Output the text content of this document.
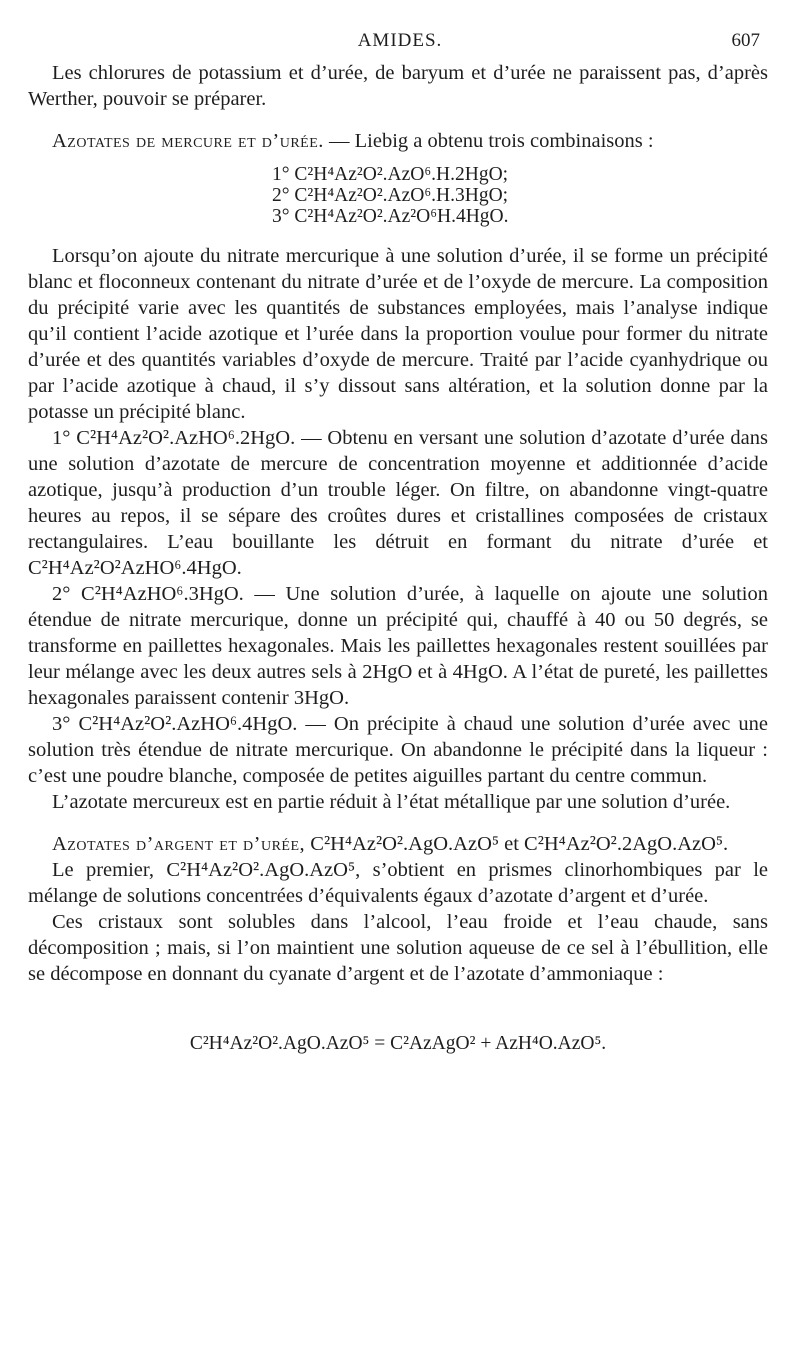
AMIDES.	607

Les chlorures de potassium et d’urée, de baryum et d’urée ne paraissent pas, d’après Werther, pouvoir se préparer.

Azotates de mercure et d’urée. — Liebig a obtenu trois combinaisons :

1° C²H⁴Az²O².AzO⁶.H.2HgO;
2° C²H⁴Az²O².AzO⁶.H.3HgO;
3° C²H⁴Az²O².Az²O⁶H.4HgO.

Lorsqu’on ajoute du nitrate mercurique à une solution d’urée, il se forme un précipité blanc et floconneux contenant du nitrate d’urée et de l’oxyde de mercure. La composition du précipité varie avec les quantités de substances employées, mais l’analyse indique qu’il contient l’acide azotique et l’urée dans la proportion voulue pour former du nitrate d’urée et des quantités variables d’oxyde de mercure. Traité par l’acide cyanhydrique ou par l’acide azotique à chaud, il s’y dissout sans altération, et la solution donne par la potasse un précipité blanc.

1° C²H⁴Az²O².AzHO⁶.2HgO. — Obtenu en versant une solution d’azotate d’urée dans une solution d’azotate de mercure de concentration moyenne et additionnée d’acide azotique, jusqu’à production d’un trouble léger. On filtre, on abandonne vingt-quatre heures au repos, il se sépare des croûtes dures et cristallines composées de cristaux rectangulaires. L’eau bouillante les détruit en formant du nitrate d’urée et C²H⁴Az²O²AzHO⁶.4HgO.

2° C²H⁴AzHO⁶.3HgO. — Une solution d’urée, à laquelle on ajoute une solution étendue de nitrate mercurique, donne un précipité qui, chauffé à 40 ou 50 degrés, se transforme en paillettes hexagonales. Mais les paillettes hexagonales restent souillées par leur mélange avec les deux autres sels à 2HgO et à 4HgO. A l’état de pureté, les paillettes hexagonales paraissent contenir 3HgO.

3° C²H⁴Az²O².AzHO⁶.4HgO. — On précipite à chaud une solution d’urée avec une solution très étendue de nitrate mercurique. On abandonne le précipité dans la liqueur : c’est une poudre blanche, composée de petites aiguilles partant du centre commun.

L’azotate mercureux est en partie réduit à l’état métallique par une solution d’urée.

Azotates d’argent et d’urée, C²H⁴Az²O².AgO.AzO⁵ et C²H⁴Az²O².2AgO.AzO⁵.

Le premier, C²H⁴Az²O².AgO.AzO⁵, s’obtient en prismes clinorhombiques par le mélange de solutions concentrées d’équivalents égaux d’azotate d’argent et d’urée.

Ces cristaux sont solubles dans l’alcool, l’eau froide et l’eau chaude, sans décomposition ; mais, si l’on maintient une solution aqueuse de ce sel à l’ébullition, elle se décompose en donnant du cyanate d’argent et de l’azotate d’ammoniaque :

C²H⁴Az²O².AgO.AzO⁵ = C²AzAgO² + AzH⁴O.AzO⁵.
